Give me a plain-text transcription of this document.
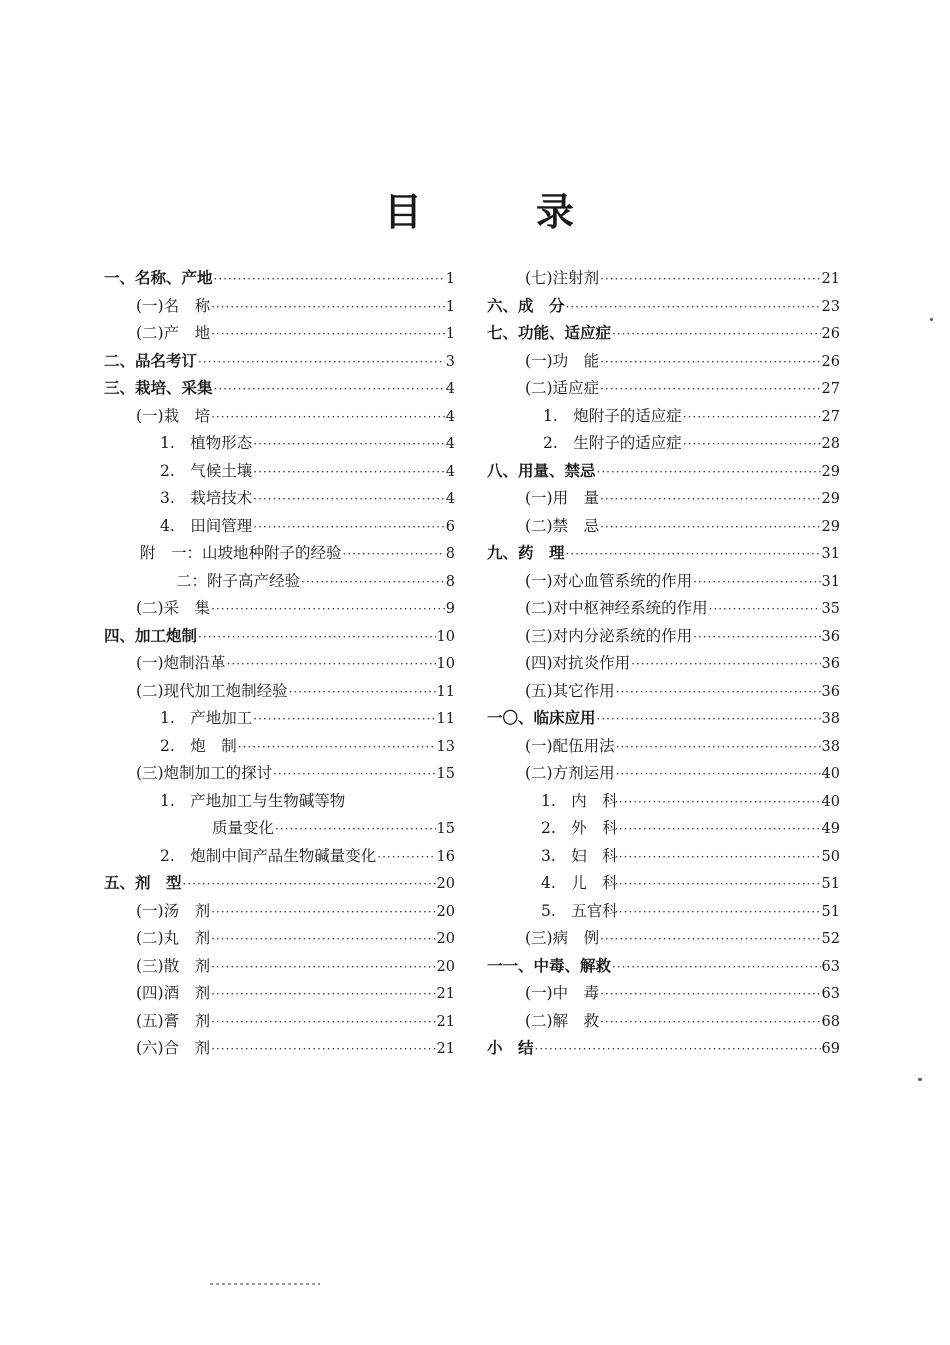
目	录
一、名称、产地 ·····	1
(一)名　称 ·····	1
(二)产　地 ·····	1
二、品名考订 ·····	3
三、栽培、采集 ·····	4
(一)栽　培 ·····	4
1.　植物形态 ·····	4
2.　气候土壤 ·····	4
3.　栽培技术 ·····	4
4.　田间管理 ·····	6
附　一：山坡地种附子的经验 ·····	8
二：附子高产经验 ·····	8
(二)采　集 ·····	9
四、加工炮制 ·····	10
(一)炮制沿革 ·····	10
(二)现代加工炮制经验 ·····	11
1.　产地加工 ·····	11
2.　炮　制 ·····	13
(三)炮制加工的探讨 ·····	15
1.　产地加工与生物碱等物
质量变化 ·····	15
2.　炮制中间产品生物碱量变化 ·····	16
五、剂　型 ·····	20
(一)汤　剂 ·····	20
(二)丸　剂 ·····	20
(三)散　剂 ·····	20
(四)酒　剂 ·····	21
(五)膏　剂 ·····	21
(六)合　剂 ·····	21
(七)注射剂 ·····	21
六、成　分 ·····	23
七、功能、适应症 ·····	26
(一)功　能 ·····	26
(二)适应症 ·····	27
1.　炮附子的适应症 ·····	27
2.　生附子的适应症 ·····	28
八、用量、禁忌 ·····	29
(一)用　量 ·····	29
(二)禁　忌 ·····	29
九、药　理 ·····	31
(一)对心血管系统的作用 ·····	31
(二)对中枢神经系统的作用 ·····	35
(三)对内分泌系统的作用 ·····	36
(四)对抗炎作用 ·····	36
(五)其它作用 ·····	36
一〇、临床应用 ·····	38
(一)配伍用法 ·····	38
(二)方剂运用 ·····	40
1.　内　科 ·····	40
2.　外　科 ·····	49
3.　妇　科 ·····	50
4.　儿　科 ·····	51
5.　五官科 ·····	51
(三)病　例 ·····	52
一一、中毒、解救 ·····	63
(一)中　毒 ·····	63
(二)解　救 ·····	68
小　结 ·····	69
